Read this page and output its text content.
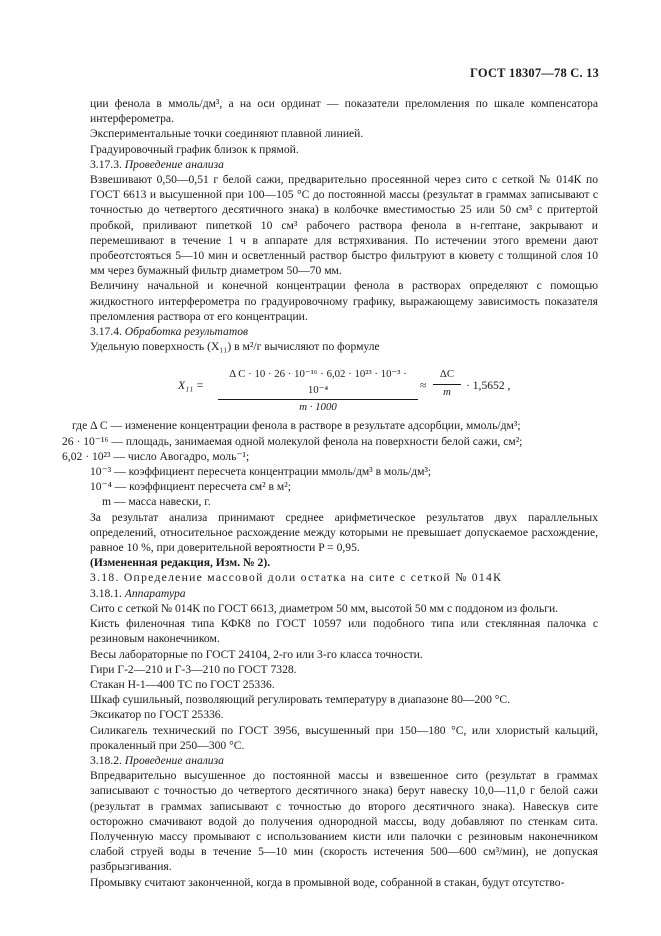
ГОСТ 18307—78 С. 13

ции фенола в ммоль/дм³, а на оси ординат — показатели преломления по шкале компенсатора интерферометра.

Экспериментальные точки соединяют плавной линией.

Градуировочный график близок к прямой.

3.17.3. Проведение анализа

Взвешивают 0,50—0,51 г белой сажи, предварительно просеянной через сито с сеткой № 014К по ГОСТ 6613 и высушенной при 100—105 °С до постоянной массы (результат в граммах записывают с точностью до четвертого десятичного знака) в колбочке вместимостью 25 или 50 см³ с притертой пробкой, приливают пипеткой 10 см³ рабочего раствора фенола в н-гептане, закрывают и перемешивают в течение 1 ч в аппарате для встряхивания. По истечении этого времени дают пробеотстояться 5—10 мин и осветленный раствор быстро фильтруют в кювету с толщиной слоя 10 мм через бумажный фильтр диаметром 50—70 мм.

Величину начальной и конечной концентрации фенола в растворах определяют с помощью жидкостного интерферометра по градуировочному графику, выражающему зависимость показателя преломления раствора от его концентрации.

3.17.4. Обработка результатов

Удельную поверхность (X₁₁) в м²/г вычисляют по формуле

$X_{11} = \frac{\text{Δ C · 10 · 26 · 10⁻¹⁶ · 6,02 · 10²³ · 10⁻³ · 10⁻⁴}}{m \cdot 1000} \approx \frac{\Delta C}{m} \cdot 1,5652$ ,

где Δ C — изменение концентрации фенола в растворе в результате адсорбции, ммоль/дм³;

26 · 10⁻¹⁶ — площадь, занимаемая одной молекулой фенола на поверхности белой сажи, см²;

6,02 · 10²³ — число Авогадро, моль⁻¹;

10⁻³ — коэффициент пересчета концентрации ммоль/дм³ в моль/дм³;

10⁻⁴ — коэффициент пересчета см² в м²;

m — масса навески, г.

За результат анализа принимают среднее арифметическое результатов двух параллельных определений, относительное расхождение между которыми не превышает допускаемое расхождение, равное 10 %, при доверительной вероятности P = 0,95.

(Измененная редакция, Изм. № 2).

3.18. Определение массовой доли остатка на сите с сеткой № 014К

3.18.1. Аппаратура

Сито с сеткой № 014К по ГОСТ 6613, диаметром 50 мм, высотой 50 мм с поддоном из фольги.

Кисть филеночная типа КФК8 по ГОСТ 10597 или подобного типа или стеклянная палочка с резиновым наконечником.

Весы лабораторные по ГОСТ 24104, 2-го или 3-го класса точности.

Гири Г-2—210 и Г-3—210 по ГОСТ 7328.

Стакан Н-1—400 ТС по ГОСТ 25336.

Шкаф сушильный, позволяющий регулировать температуру в диапазоне 80—200 °С.

Эксикатор по ГОСТ 25336.

Силикагель технический по ГОСТ 3956, высушенный при 150—180 °С, или хлористый кальций, прокаленный при 250—300 °С.

3.18.2. Проведение анализа

Впредварительно высушенное до постоянной массы и взвешенное сито (результат в граммах записывают с точностью до четвертого десятичного знака) берут навеску 10,0—11,0 г белой сажи (результат в граммах записывают с точностью до второго десятичного знака). Навескув сите осторожно смачивают водой до получения однородной массы, воду добавляют по стенкам сита. Полученную массу промывают с использованием кисти или палочки с резиновым наконечником слабой струей воды в течение 5—10 мин (скорость истечения 500—600 см³/мин), не допуская разбрызгивания.

Промывку считают законченной, когда в промывной воде, собранной в стакан, будут отсутство-
